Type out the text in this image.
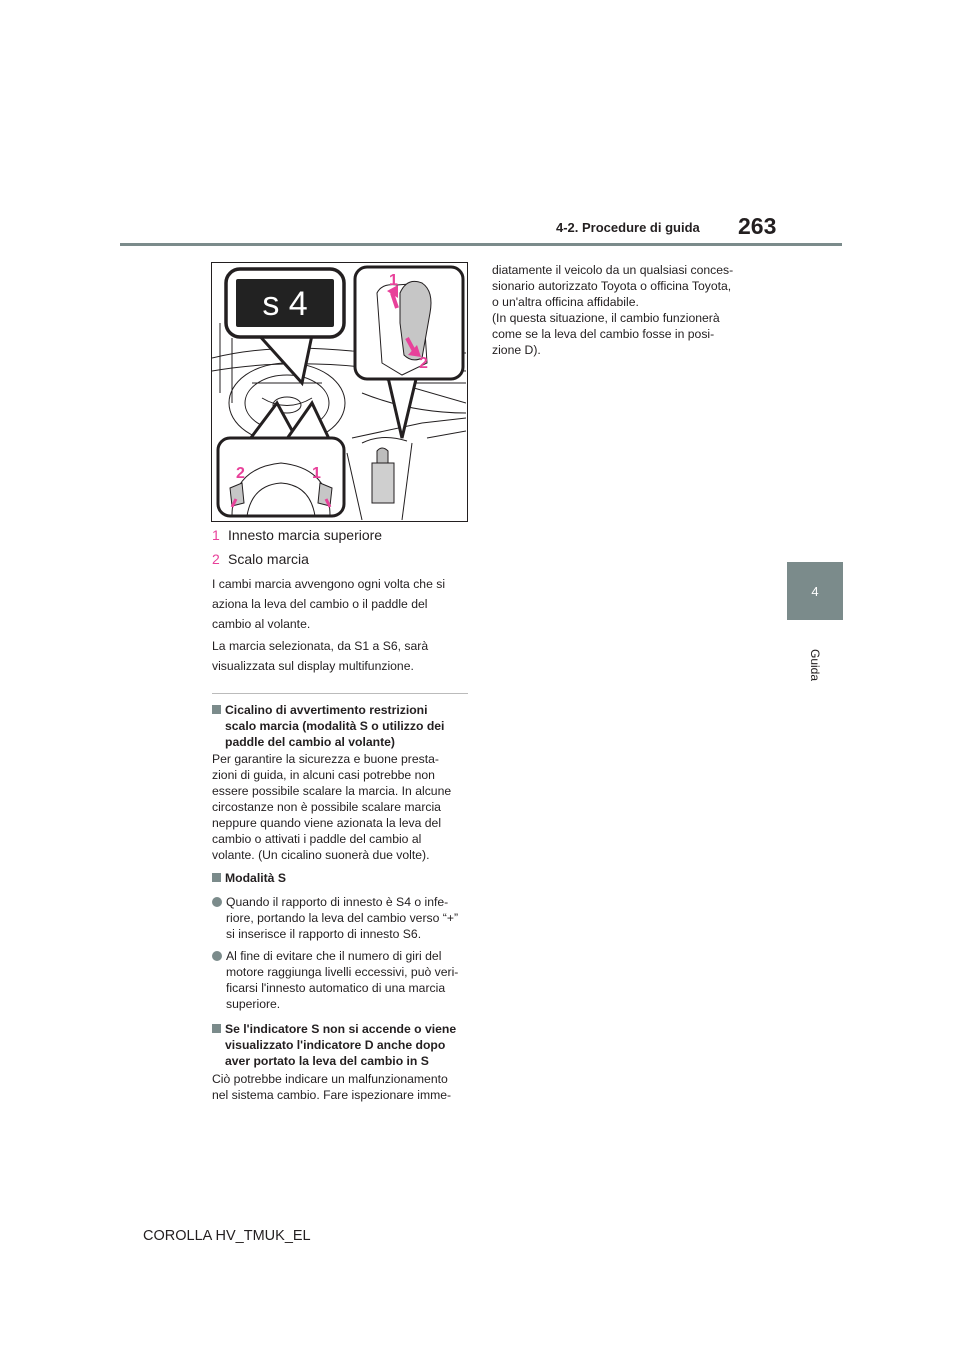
4-2. Procedure di guida 263
4
Guida
s 4
1
2
2	1
1 Innesto marcia superiore
2 Scalo marcia
I cambi marcia avvengono ogni volta che si
aziona la leva del cambio o il paddle del
cambio al volante.
La marcia selezionata, da S1 a S6, sarà
visualizzata sul display multifunzione.
Cicalino di avvertimento restrizioni
scalo marcia (modalità S o utilizzo dei
paddle del cambio al volante)
Per garantire la sicurezza e buone presta-
zioni di guida, in alcuni casi potrebbe non
essere possibile scalare la marcia. In alcune
circostanze non è possibile scalare marcia
neppure quando viene azionata la leva del
cambio o attivati i paddle del cambio al
volante. (Un cicalino suonerà due volte).
Modalità S
Quando il rapporto di innesto è S4 o infe-
riore, portando la leva del cambio verso “+”
si inserisce il rapporto di innesto S6.
Al fine di evitare che il numero di giri del
motore raggiunga livelli eccessivi, può veri-
ficarsi l'innesto automatico di una marcia
superiore.
Se l'indicatore S non si accende o viene
visualizzato l'indicatore D anche dopo
aver portato la leva del cambio in S
Ciò potrebbe indicare un malfunzionamento
nel sistema cambio. Fare ispezionare imme-
diatamente il veicolo da un qualsiasi conces-
sionario autorizzato Toyota o officina Toyota,
o un'altra officina affidabile.
(In questa situazione, il cambio funzionerà
come se la leva del cambio fosse in posi-
zione D).
COROLLA HV_TMUK_EL
